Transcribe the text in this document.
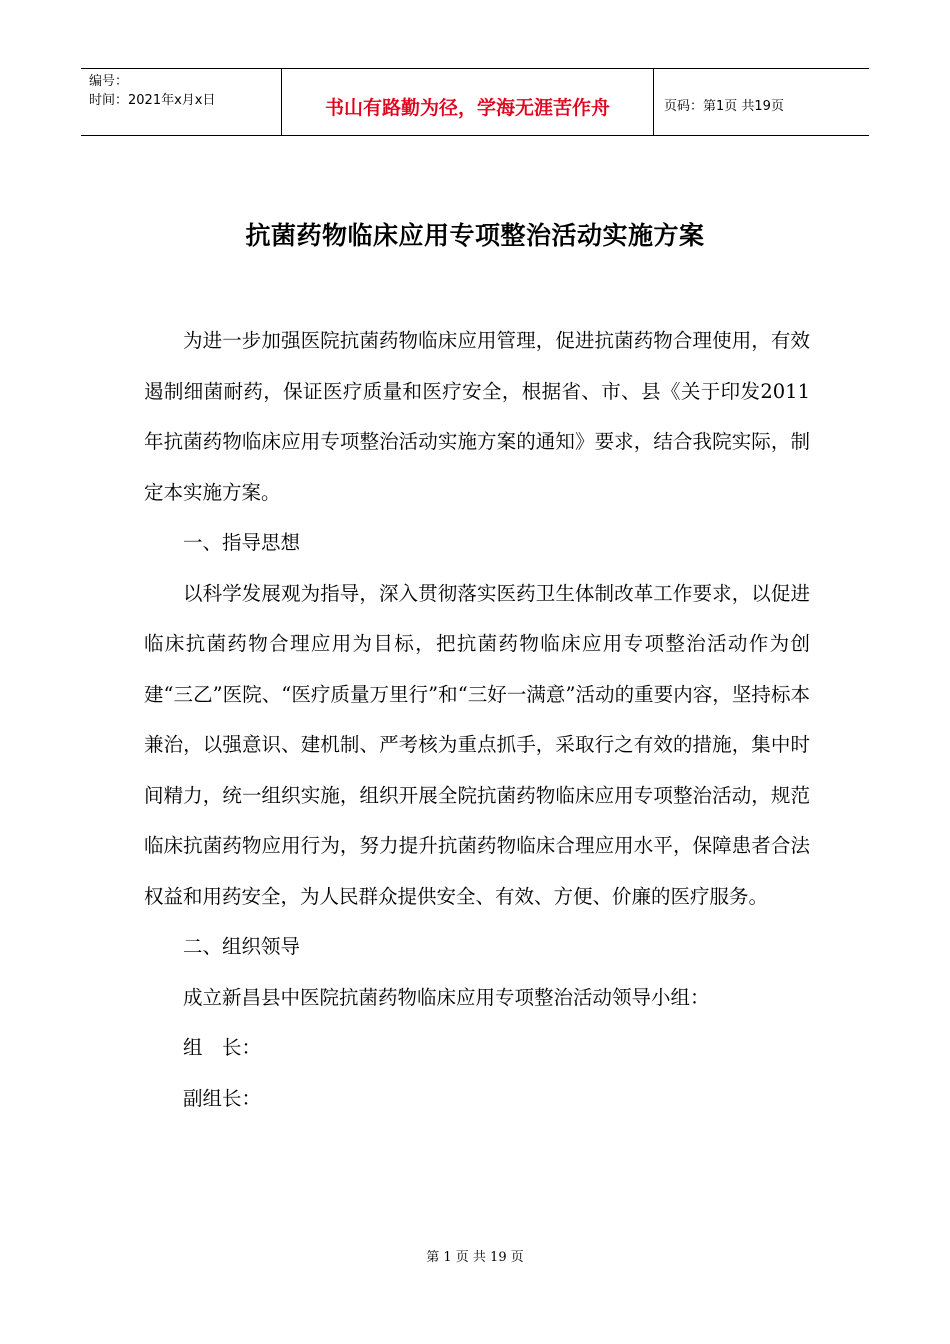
编号：
时间：2021年x月x日	书山有路勤为径，学海无涯苦作舟	页码：第1页 共19页
抗菌药物临床应用专项整治活动实施方案

为进一步加强医院抗菌药物临床应用管理，促进抗菌药物合理使用，有效遏制细菌耐药，保证医疗质量和医疗安全，根据省、市、县《关于印发2011年抗菌药物临床应用专项整治活动实施方案的通知》要求，结合我院实际，制定本实施方案。

一、指导思想

以科学发展观为指导，深入贯彻落实医药卫生体制改革工作要求，以促进临床抗菌药物合理应用为目标，把抗菌药物临床应用专项整治活动作为创建“三乙”医院、“医疗质量万里行”和“三好一满意”活动的重要内容，坚持标本兼治，以强意识、建机制、严考核为重点抓手，采取行之有效的措施，集中时间精力，统一组织实施，组织开展全院抗菌药物临床应用专项整治活动，规范临床抗菌药物应用行为，努力提升抗菌药物临床合理应用水平，保障患者合法权益和用药安全，为人民群众提供安全、有效、方便、价廉的医疗服务。

二、组织领导

成立新昌县中医院抗菌药物临床应用专项整治活动领导小组：

组　长：

副组长：

第 1 页 共 19 页
